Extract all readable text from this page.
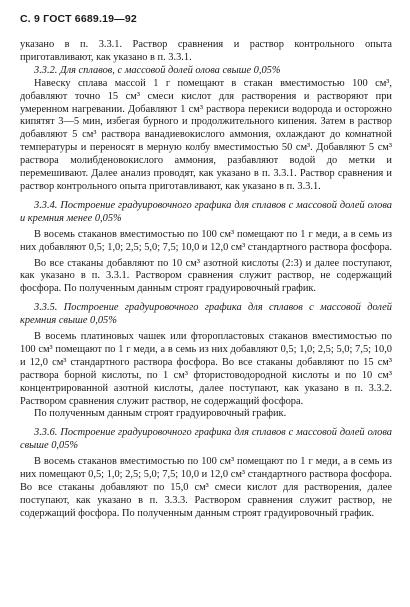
С. 9 ГОСТ 6689.19—92

указано в п. 3.3.1. Раствор сравнения и раствор контрольного опыта приготавливают, как указано в п. 3.3.1.

3.3.2. Для сплавов, с массовой долей олова свыше 0,05%

Навеску сплава массой 1 г помещают в стакан вместимостью 100 см³, добавляют точно 15 см³ смеси кислот для растворения и растворяют при умеренном нагревании. Добавляют 1 см³ раствора перекиси водорода и осторожно кипятят 3—5 мин, избегая бурного и продолжительного кипения. Затем в раствор добавляют 5 см³ раствора ванадиевокислого аммония, охлаждают до комнатной температуры и переносят в мерную колбу вместимостью 50 см³. Добавляют 5 см³ раствора молибденовокислого аммония, разбавляют водой до метки и перемешивают. Далее анализ проводят, как указано в п. 3.3.1. Раствор сравнения и раствор контрольного опыта приготавливают, как указано в п. 3.3.1.

3.3.4. Построение градуировочного графика для сплавов с массовой долей олова и кремния менее 0,05%

В восемь стаканов вместимостью по 100 см³ помещают по 1 г меди, а в семь из них добавляют 0,5; 1,0; 2,5; 5,0; 7,5; 10,0 и 12,0 см³ стандартного раствора фосфора.

Во все стаканы добавляют по 10 см³ азотной кислоты (2:3) и далее поступают, как указано в п. 3.3.1. Раствором сравнения служит раствор, не содержащий фосфора. По полученным данным строят градуировочный график.

3.3.5. Построение градуировочного графика для сплавов с массовой долей кремния свыше 0,05%

В восемь платиновых чашек или фторопластовых стаканов вместимостью по 100 см³ помещают по 1 г меди, а в семь из них добавляют 0,5; 1,0; 2,5; 5,0; 7,5; 10,0 и 12,0 см³ стандартного раствора фосфора. Во все стаканы добавляют по 15 см³ раствора борной кислоты, по 1 см³ фтористоводородной кислоты и по 10 см³ концентрированной азотной кислоты, далее поступают, как указано в п. 3.3.2. Раствором сравнения служит раствор, не содержащий фосфора.

По полученным данным строят градуировочный график.

3.3.6. Построение градуировочного графика для сплавов с массовой долей олова свыше 0,05%

В восемь стаканов вместимостью по 100 см³ помещают по 1 г меди, а в семь из них помещают 0,5; 1,0; 2,5; 5,0; 7,5; 10,0 и 12,0 см³ стандартного раствора фосфора. Во все стаканы добавляют по 15,0 см³ смеси кислот для растворения, далее поступают, как указано в п. 3.3.3. Раствором сравнения служит раствор, не содержащий фосфора. По полученным данным строят градуировочный график.
